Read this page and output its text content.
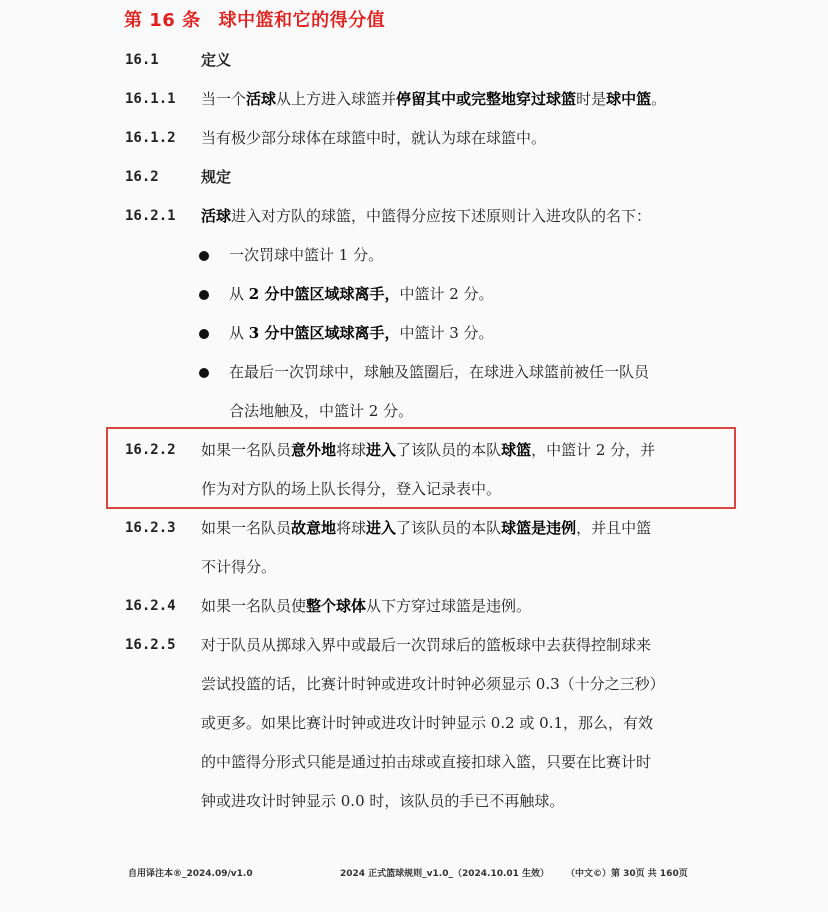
第 16 条 球中篮和它的得分值
16.1	定义
16.1.1 当一个活球从上方进入球篮并停留其中或完整地穿过球篮时是球中篮。
16.1.2 当有极少部分球体在球篮中时，就认为球在球篮中。
16.2	规定
16.2.1 活球进入对方队的球篮，中篮得分应按下述原则计入进攻队的名下：
一次罚球中篮计 1 分。
从 2 分中篮区域球离手，中篮计 2 分。
从 3 分中篮区域球离手，中篮计 3 分。
在最后一次罚球中，球触及篮圈后，在球进入球篮前被任一队员
合法地触及，中篮计 2 分。
16.2.2 如果一名队员意外地将球进入了该队员的本队球篮，中篮计 2 分，并
作为对方队的场上队长得分，登入记录表中。
16.2.3 如果一名队员故意地将球进入了该队员的本队球篮是违例，并且中篮
不计得分。
16.2.4 如果一名队员使整个球体从下方穿过球篮是违例。
16.2.5 对于队员从掷球入界中或最后一次罚球后的篮板球中去获得控制球来
尝试投篮的话，比赛计时钟或进攻计时钟必须显示 0.3（十分之三秒）
或更多。如果比赛计时钟或进攻计时钟显示 0.2 或 0.1，那么，有效
的中篮得分形式只能是通过拍击球或直接扣球入篮，只要在比赛计时
钟或进攻计时钟显示 0.0 时，该队员的手已不再触球。
自用译注本®_2024.09/v1.0	2024 正式篮球规则_v1.0_（2024.10.01 生效） （中文©）第 30页 共 160页
